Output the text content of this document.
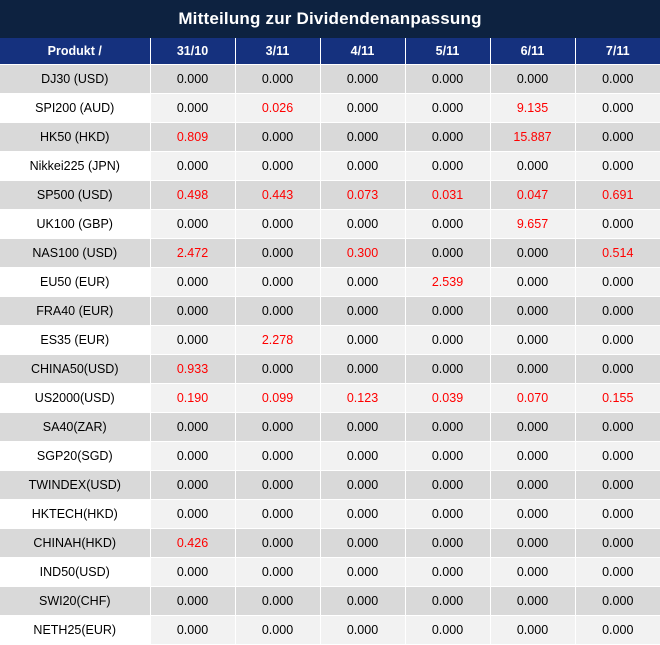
Mitteilung zur Dividendenanpassung
Produkt /	31/10	3/11	4/11	5/11	6/11	7/11
DJ30 (USD)	0.000	0.000	0.000	0.000	0.000	0.000
SPI200 (AUD)	0.000	0.026	0.000	0.000	9.135	0.000
HK50 (HKD)	0.809	0.000	0.000	0.000	15.887	0.000
Nikkei225 (JPN)	0.000	0.000	0.000	0.000	0.000	0.000
SP500 (USD)	0.498	0.443	0.073	0.031	0.047	0.691
UK100 (GBP)	0.000	0.000	0.000	0.000	9.657	0.000
NAS100 (USD)	2.472	0.000	0.300	0.000	0.000	0.514
EU50 (EUR)	0.000	0.000	0.000	2.539	0.000	0.000
FRA40 (EUR)	0.000	0.000	0.000	0.000	0.000	0.000
ES35 (EUR)	0.000	2.278	0.000	0.000	0.000	0.000
CHINA50(USD)	0.933	0.000	0.000	0.000	0.000	0.000
US2000(USD)	0.190	0.099	0.123	0.039	0.070	0.155
SA40(ZAR)	0.000	0.000	0.000	0.000	0.000	0.000
SGP20(SGD)	0.000	0.000	0.000	0.000	0.000	0.000
TWINDEX(USD)	0.000	0.000	0.000	0.000	0.000	0.000
HKTECH(HKD)	0.000	0.000	0.000	0.000	0.000	0.000
CHINAH(HKD)	0.426	0.000	0.000	0.000	0.000	0.000
IND50(USD)	0.000	0.000	0.000	0.000	0.000	0.000
SWI20(CHF)	0.000	0.000	0.000	0.000	0.000	0.000
NETH25(EUR)	0.000	0.000	0.000	0.000	0.000	0.000
